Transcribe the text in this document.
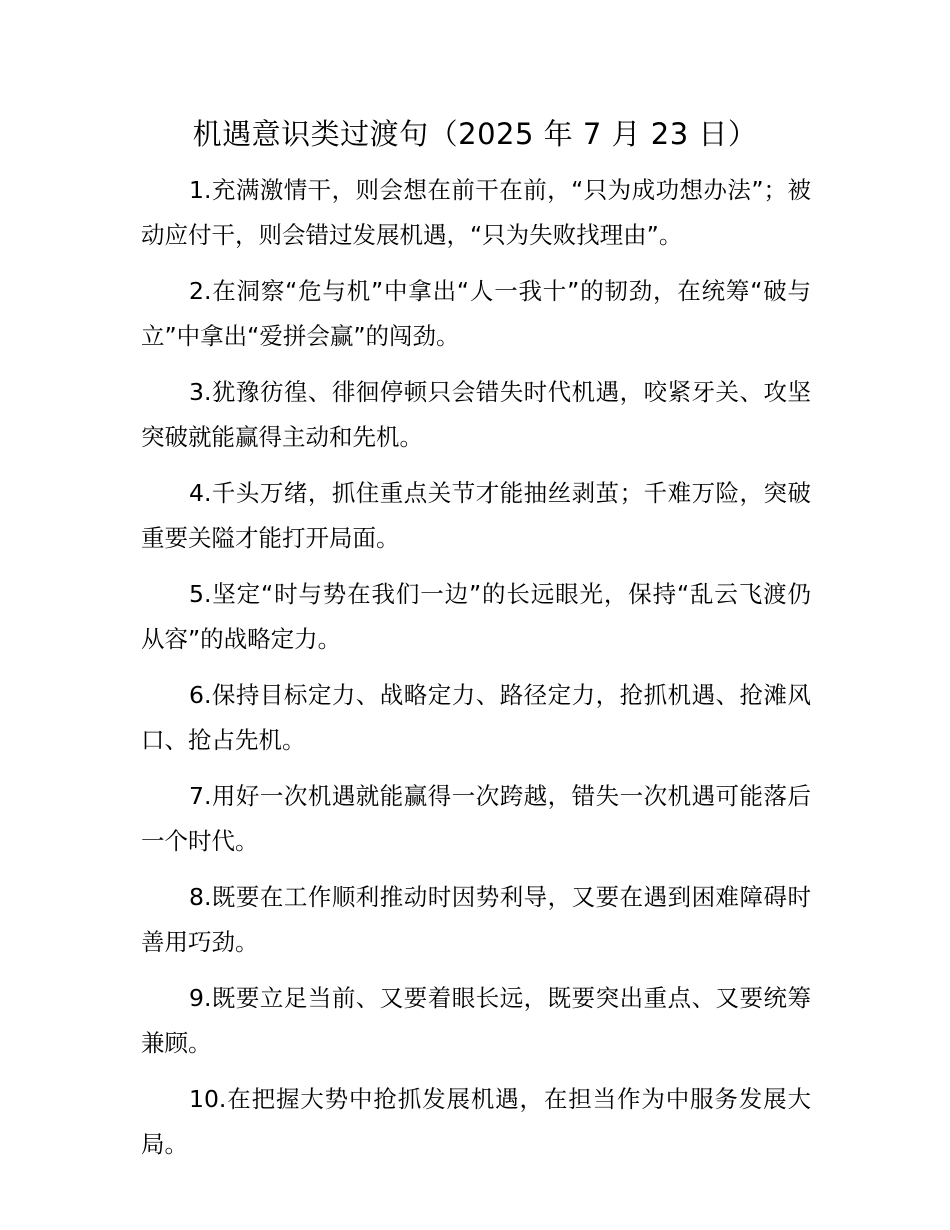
机遇意识类过渡句（2025 年 7 月 23 日）

1.充满激情干，则会想在前干在前，“只为成功想办法”；被动应付干，则会错过发展机遇，“只为失败找理由”。

2.在洞察“危与机”中拿出“人一我十”的韧劲，在统筹“破与立”中拿出“爱拼会赢”的闯劲。

3.犹豫彷徨、徘徊停顿只会错失时代机遇，咬紧牙关、攻坚突破就能赢得主动和先机。

4.千头万绪，抓住重点关节才能抽丝剥茧；千难万险，突破重要关隘才能打开局面。

5.坚定“时与势在我们一边”的长远眼光，保持“乱云飞渡仍从容”的战略定力。

6.保持目标定力、战略定力、路径定力，抢抓机遇、抢滩风口、抢占先机。

7.用好一次机遇就能赢得一次跨越，错失一次机遇可能落后一个时代。

8.既要在工作顺利推动时因势利导，又要在遇到困难障碍时善用巧劲。

9.既要立足当前、又要着眼长远，既要突出重点、又要统筹兼顾。

10.在把握大势中抢抓发展机遇，在担当作为中服务发展大局。
